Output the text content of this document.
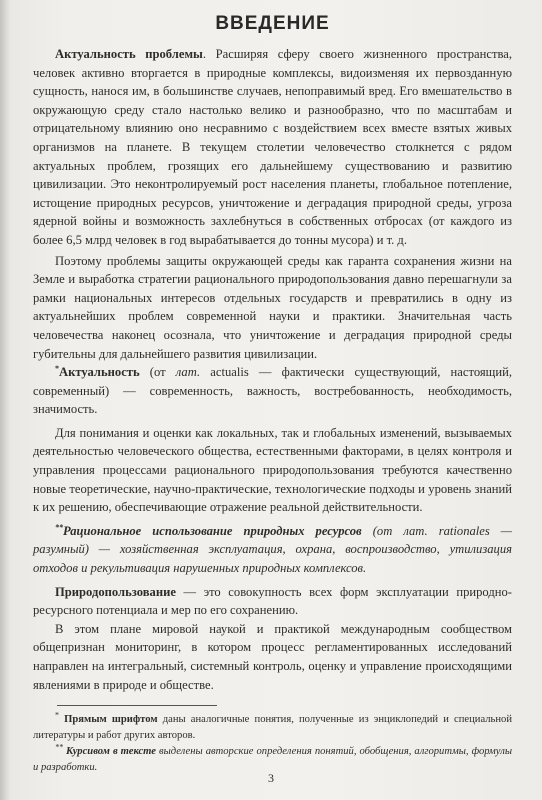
ВВЕДЕНИЕ

Актуальность проблемы. Расширяя сферу своего жизненного пространства, человек активно вторгается в природные комплексы, видоизменяя их первозданную сущность, нанося им, в большинстве случаев, непоправимый вред. Его вмешательство в окружающую среду стало настолько велико и разнообразно, что по масштабам и отрицательному влиянию оно несравнимо с воздействием всех вместе взятых живых организмов на планете. В текущем столетии человечество столкнется с рядом актуальных проблем, грозящих его дальнейшему существованию и развитию цивилизации. Это неконтролируемый рост населения планеты, глобальное потепление, истощение природных ресурсов, уничтожение и деградация природной среды, угроза ядерной войны и возможность захлебнуться в собственных отбросах (от каждого из более 6,5 млрд человек в год вырабатывается до тонны мусора) и т. д.

Поэтому проблемы защиты окружающей среды как гаранта сохранения жизни на Земле и выработка стратегии рационального природопользования давно перешагнули за рамки национальных интересов отдельных государств и превратились в одну из актуальнейших проблем современной науки и практики. Значительная часть человечества наконец осознала, что уничтожение и деградация природной среды губительны для дальнейшего развития цивилизации.

*Актуальность (от лат. actualis — фактически существующий, настоящий, современный) — современность, важность, востребованность, необходимость, значимость.

Для понимания и оценки как локальных, так и глобальных изменений, вызываемых деятельностью человеческого общества, естественными факторами, в целях контроля и управления процессами рационального природопользования требуются качественно новые теоретические, научно-практические, технологические подходы и уровень знаний к их решению, обеспечивающие отражение реальной действительности.

**Рациональное использование природных ресурсов (от лат. rationales — разумный) — хозяйственная эксплуатация, охрана, воспроизводство, утилизация отходов и рекультивация нарушенных природных комплексов.

Природопользование — это совокупность всех форм эксплуатации природно-ресурсного потенциала и мер по его сохранению.

В этом плане мировой наукой и практикой международным сообществом общепризнан мониторинг, в котором процесс регламентированных исследований направлен на интегральный, системный контроль, оценку и управление происходящими явлениями в природе и обществе.

* Прямым шрифтом даны аналогичные понятия, полученные из энциклопедий и специальной литературы и работ других авторов.

** Курсивом в тексте выделены авторские определения понятий, обобщения, алгоритмы, формулы и разработки.

3
